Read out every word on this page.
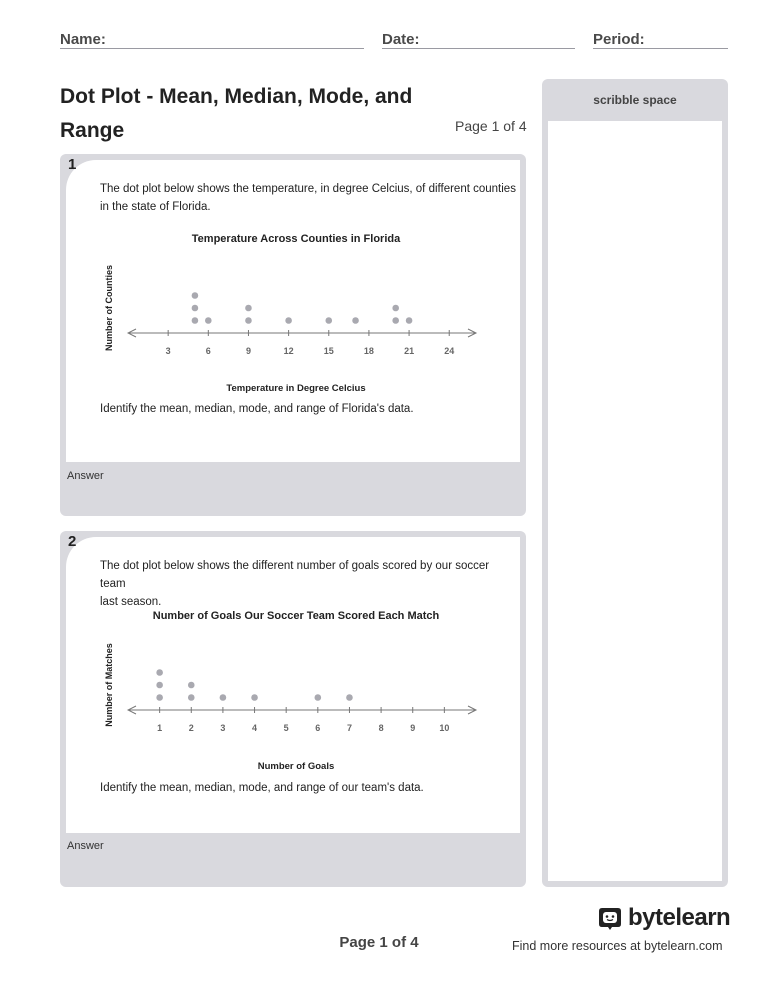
Name:	Date:	Period:
Dot Plot - Mean, Median, Mode, and
Range	Page 1 of 4
The dot plot below shows the temperature, in degree Celcius, of different counties
in the state of Florida.
Temperature Across Counties in Florida
Number of Counties
Temperature in Degree Celcius
3	6	9	12	15	18	21	24
Identify the mean, median, mode, and range of Florida's data.
1
Answer
The dot plot below shows the different number of goals scored by our soccer team
last season.
Number of Goals Our Soccer Team Scored Each Match
Number of Matches
Number of Goals
1	2	3	4	5	6	7	8	9	10
Identify the mean, median, mode, and range of our team's data.
2
Answer
scribble space
Page 1 of 4
bytelearn
Find more resources at bytelearn.com
